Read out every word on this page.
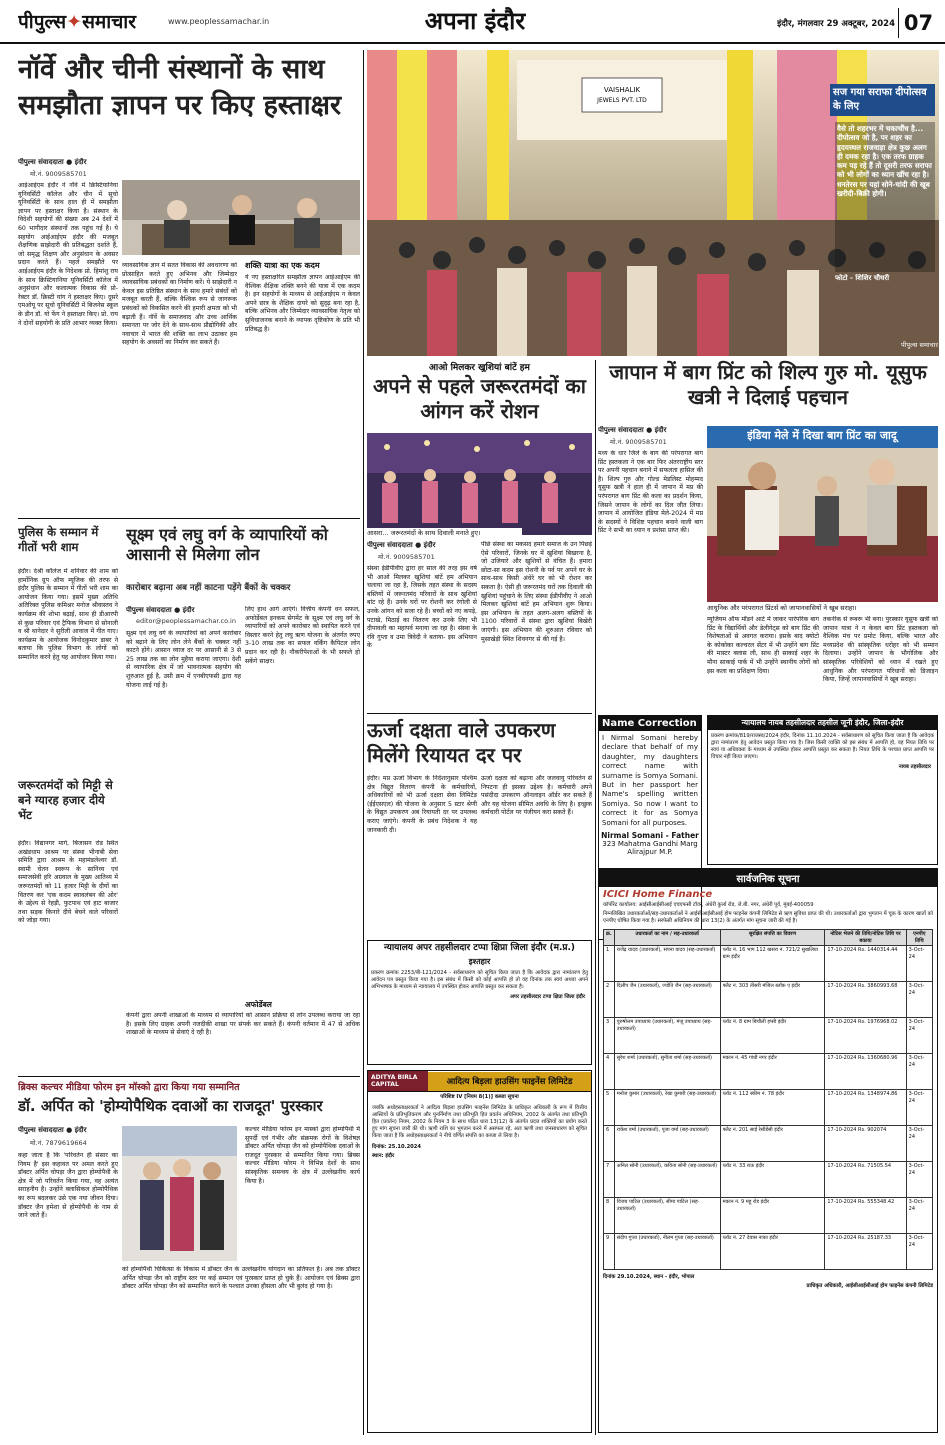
पीपुल्स✦समाचार	www.peoplessamachar.in	अपना इंदौर	इंदौर, मंगलवार 29 अक्टूबर, 2024 07
नॉर्वे और चीनी संस्थानों के साथ समझौता ज्ञापन पर किए हस्ताक्षर
पीपुल्स संवाददाता ● इंदौर
मो.नं. 9009585701
आईआईएम इंदौर ने नॉर्वे में क्रिस्टियानिया यूनिवर्सिटी कॉलेज और चीन में सूचो यूनिवर्सिटी के साथ हाल ही में समझौता ज्ञापन पर हस्ताक्षर किया है। संस्थान के विदेशी सहयोगों की संख्या अब 24 देशों में 60 भागीदार संस्थानों तक पहुंच गई है। ये सहयोग आईआईएम इंदौर की मजबूत शैक्षणिक साझेदारी की प्रतिबद्धता दर्शाते हैं, जो समृद्ध शिक्षण और अनुसंधान के अवसर प्रदान करते हैं। पहले समझौते पर आईआईएम इंदौर के निदेशक प्रो. हिमांशु राय के साथ क्रिस्टियानिया यूनिवर्सिटी कॉलेज में अनुसंधान और कलात्मक विकास की प्रो-रेक्टर डॉ. क्रिस्टी यांग ने हस्ताक्षर किए। दूसरे एमओयू पर सूचो यूनिवर्सिटी में बिजनेस स्कूल के डीन डॉ. यो फेंग ने हस्ताक्षर किए। प्रो. राय ने दोनों सहयोगी के प्रति आभार व्यक्त किया।
व्यावसायिक ज्ञान में सतत विकास की अवधारणा को प्रोत्साहित करते हुए अभिनव और जिम्मेदार व्यावसायिक प्रबंधकों का निर्माण करें। ये साझेदारी न केवल इस प्रतिष्ठित संस्थान के साथ हमारे संबंधों को मजबूत करती हैं, बल्कि वैश्विक रूप से जागरूक प्रबंधकों को विकसित करने की हमारी क्षमता को भी बढ़ाती हैं। नॉर्वे के समाजवाद और उच्च आर्थिक समानता पर जोर देने के साथ-साथ प्रौद्योगिकी और नवाचार में भारत की शक्ति का लाभ उठाकर हम सहयोग के अवसरों का निर्माण कर सकते हैं।
शक्ति यात्रा का एक कदम
ये नए हस्ताक्षरित समझौता ज्ञापन आईआईएम की वैश्विक शैक्षिक शक्ति बनने की यात्रा में एक कदम है। इन सहयोगों के माध्यम से आईआईएम न केवल अपने छात्र के शैक्षिक दायरे को सुदृढ़ बना रहा है, बल्कि अभिनव और जिम्मेदार व्यावसायिक नेतृत्व को सुविधाजनक बनाने के व्यापक दृष्टिकोण के प्रति भी प्रतिबद्ध है।
VAISHALIK
JEWELS PVT. LTD
सज गया सराफा दीपोत्सव के लिए
वैसे तो शहरभर में चकाचौंध है... दीपोत्सव जो है, पर शहर का हृदयस्थल राजवाड़ा क्षेत्र कुछ अलग ही दमक रहा है। एक तरफ ग्राहक कम पड़ रहे हैं तो दूसरी तरफ सराफा को भी लोगों का ध्यान खींच रहा है। धनतेरस पर यहां सोने-चांदी की खूब खरीदी-बिक्री होगी।
फोटो - शिशिर चौधरी
पीपुल्स समाचार
आओ मिलकर खुशियां बांटें हम
अपने से पहले जरूरतमंदों का आंगन करें रोशन
आसरा... जरूरतमंदों के साथ दिवाली मनाते हुए।
पीपुल्स संवाददाता ● इंदौर
मो.नं. 9009585701
संस्था ईडीपीवीए द्वारा हर साल की तरह इस वर्ष भी आओ मिलकर खुशियां बांटें हम अभियान चलाया जा रहा है, जिसके तहत संस्था के सदस्य बस्तियों में जरूरतमंद परिवारों के साथ खुशियां बांट रहे हैं। उनके घरों पर रोशनी कर रंगोली से उनके आंगन को सजा रहे हैं। बच्चों को नए कपड़े, पटाखे, मिठाई का वितरण कर उनके लिए भी दीपावली का महापर्व मनाया जा रहा है। संस्था के रवि गुप्ता व उमा त्रिवेदी ने बताया- इस अभियान के
पीछे संस्था का मकसद हमारे समाज के उन पिछड़े ऐसे परिवारों, जिनके घर में खुशियां बिखरना है, जो उजियारे और खुशियों से वंचित हैं। हमारा छोटा-सा कदम इस रोशनी के पर्व पर अपने घर के साथ-साथ किसी अंधेरे घर को भी रोशन कर सकता है। ऐसी ही जरूरतमंद घरों तक दिवाली की खुशियां पहुंचाने के लिए संस्था ईडीपीवीए ने आओ मिलकर खुशियां बांटें हम अभियान शुरू किया। इस अभियान के तहत अलग-अलग बस्तियों के 1100 परिवारों में संस्था द्वारा खुशियां बिखेरी जाएंगी। इस अभियान की शुरुआत रविवार को मुसाखेड़ी स्थित शिवनगर से की गई है।
जापान में बाग प्रिंट को शिल्प गुरु मो. यूसुफ खत्री ने दिलाई पहचान
पीपुल्स संवाददाता ● इंदौर
मो.नं. 9009585701
मध्य के धार जिले के बाग की परंपरागत बाग प्रिंट हस्तकला ने एक बार फिर अंतरराष्ट्रीय स्तर पर अपनी पहचान बनाने में सफलता हासिल की है। शिल्प गुरु और गोल्ड मेडलिस्ट मोहम्मद यूसुफ खत्री ने हाल ही में जापान में मप्र की परंपरागत बाग प्रिंट की कला का प्रदर्शन किया, जिसने जापान के लोगों का दिल जीत लिया। जापान में आयोजित इंडिया मेले-2024 में मप्र के सदस्यों ने विशिष्ट पहचान बनाने वाली बाग प्रिंट ने सभी का ध्यान व प्रशंसा प्राप्त की।
इंडिया मेले में दिखा बाग प्रिंट का जादू
आधुनिक और परंपरागत प्रिंटर्स को जापानवासियों ने खूब सराहा।
म्यूजियम ऑफ मॉडर्न आर्ट में जाकर पारंपरिक बाग प्रिंट के विद्यार्थियों और डेलीगेट्स को बाग प्रिंट की विशेषताओं से अवगत कराया। इसके बाद क्योटो के कोकोका कल्चरल सेंटर में भी उन्होंने बाग प्रिंट की मास्टर क्लास ली, साथ ही साकाई शहर के मौना साकाई पार्क में भी उन्होंने स्थानीय लोगों को इस कला का प्रशिक्षण दिया।
तकनीक से रूबरू भी बना। पुरस्कार यूसुफ खत्री को जापान यात्रा ने न केवल बाग प्रिंट हस्तकला को वैश्विक मंच पर प्रमोट किया, बल्कि भारत और मध्यप्रदेश की सांस्कृतिक धरोहर को भी सम्मान दिलाया। उन्होंने जापान के भौगोलिक और सांस्कृतिक परिवेशियों को ध्यान में रखते हुए आधुनिक और परंपरागत परिधानों को डिजाइन किया, जिन्हें जापानवासियों ने खूब सराहा।
पुलिस के सम्मान में गीतों भरी शाम
इंदौर। देश्री कॉलेज में शनिवार की शाम को हार्मोनिक ग्रुप ऑफ म्यूजिक की तरफ से इंदौर पुलिस के सम्मान में गीतों भरी शाम का आयोजन किया गया। इसमें मुख्य अतिथि अतिरिक्त पुलिस कमिश्नर मनोज श्रीवास्तव ने कार्यक्रम की शोभा बढ़ाई, साथ ही डीआरपी से कुछ परिवार एवं ट्रैफिक विभाग से सोनाली व श्री थानेदार ने सुरीली आवाज में गीत गाए। कार्यक्रम के आयोजक विनोदकुमार डाबर ने बताया कि पुलिस विभाग के लोगों को सम्मानित करने हेतु यह आयोजन किया गया।
जरूरतमंदों को मिट्टी से बने ग्यारह हजार दीये भेंट
इंदौर। विद्यानगर मार्ग, बिजासन रोड स्थित अखंडधाम आश्रम पर संस्था भीनाबी सेवा समिति द्वारा आश्रम के महामंडलेश्वर डॉ. स्वामी चेतन स्वरूप के सानिध्य एवं समाजसेवी हरि अग्रवाल के मुख्य आतिथ्य में जरूरतमंदों को 11 हजार मिट्टी के दीयों का वितरण कर 'एक कदम स्वावलंबन की ओर' के उद्देश्य से रेहड़ी, फुटपाथ एवं हाट बाजार तथा सड़क किनारे दीये बेचने वाले परिवारों को जोड़ा गया।
सूक्ष्म एवं लघु वर्ग के व्यापारियों को आसानी से मिलेगा लोन
कारोबार बढ़ाना अब नहीं काटना पड़ेंगे बैंकों के चक्कर
पीपुल्स संवाददाता ● इंदौर
editor@peoplessamachar.co.in
सूक्ष्म एवं लघु वर्ग के व्यापारियों को अपने कारोबार को बढ़ाने के लिए लोन लेने बैंकों के चक्कर नहीं काटने होंगे। आसान व्याज दर पर आसानी से 3 से 25 लाख तक का लोन मुहैया कराया जाएगा। देशी से व्यापारिक क्षेत्र में जो भावनात्मक सहयोग की शुरुआत हुई है, उसी क्रम में एनबीएफसी द्वारा यह योजना लाई गई है।
लिए हाथ आगे आएंगे। वित्तीय कंपनी धन सफल, अफोर्डेबल इनकम सेगमेंट के सूक्ष्म एवं लघु वर्ग के व्यापारियों को अपने कारोबार को स्थापित करने एवं विस्तार करने हेतु लघु ऋण योजना के अंतर्गत रुपए 3-10 लाख तक का सफल वर्किंग कैपिटल लोन प्रदान कर रही है। नौकरीपेशाओं के भी सफले हो सकेंगे साक्षर।
अफोर्डेबल
कंपनी द्वारा अपनी शाखाओं के माध्यम से व्यापारियों को आसान प्रक्रिया से लोन उपलब्ध कराया जा रहा है। इसके लिए ग्राहक अपनी नजदीकी शाखा पर संपर्क कर सकते हैं। कंपनी वर्तमान में 47 से अधिक शाखाओं के माध्यम से सेवाएं दे रही है।
ऊर्जा दक्षता वाले उपकरण मिलेंगे रियायत दर पर
इंदौर। मप्र ऊर्जा विभाग के निर्देशानुसार पश्चिम क्षेत्र विद्युत वितरण कंपनी के कर्मचारियों, अधिकारियों को भी ऊर्जा दक्षता सेवा लिमिटेड (ईईएसएल) की योजना के अनुसार 5 स्टार श्रेणी के विद्युत उपकरण अब रियायती दर पर उपलब्ध कराए जाएंगे। कंपनी के प्रबंध निदेशक ने यह जानकारी दी।
ऊर्जा दक्षता को बढ़ाना और जलवायु परिवर्तन से निपटना ही इसका उद्देश्य है। कर्मचारी अपने पसंदीदा उपकरण ऑनलाइन ऑर्डर कर सकते हैं और यह योजना सीमित अवधि के लिए है। इच्छुक कर्मचारी पोर्टल पर पंजीयन करा सकते हैं।
Name Correction
I Nirmal Somani hereby declare that behalf of my daughter, my daughters correct name with surname is Somya Somani. But in her passport her Name's spelling written Somiya. So now I want to correct it for as Somya Somani for all purposes.
Nirmal Somani - Father
323 Mahatma Gandhi Marg Alirajpur M.P.
न्यायालय नायब तहसीलदार तहसील जूनी इंदौर, जिला-इंदौर
प्रकरण क्रमांक/819/राजस्व/2024 इंदौर, दिनांक 11.10.2024 - सर्वसाधारण को सूचित किया जाता है कि आवेदक द्वारा नामांतरण हेतु आवेदन प्रस्तुत किया गया है। जिस किसी व्यक्ति को इस संबंध में आपत्ति हो, वह नियत तिथि पर स्वयं या अधिवक्ता के माध्यम से उपस्थित होकर आपत्ति प्रस्तुत कर सकता है। नियत तिथि के पश्चात प्राप्त आपत्ति पर विचार नहीं किया जाएगा।
नायब तहसीलदार
न्यायालय अपर तहसीलदार टप्पा क्षिप्रा जिला इंदौर (म.प्र.)
इश्तहार
प्रकरण क्रमांक 2253/बी-121/2024 - सर्वसाधारण को सूचित किया जाता है कि आवेदक द्वारा नामांतरण हेतु आवेदन पत्र प्रस्तुत किया गया है। इस संबंध में किसी को कोई आपत्ति हो तो वह दिनांक तक स्वयं अथवा अपने अभिभाषक के माध्यम से न्यायालय में उपस्थित होकर आपत्ति प्रस्तुत कर सकता है।
अपर तहसीलदार टप्पा क्षिप्रा जिला इंदौर
सार्वजनिक सूचना
ICICI Home Finance
कॉर्पोरेट कार्यालय: आईसीआईसीआई एचएफसी टॉवर, अंधेरी कुर्ला रोड, जे.बी. नगर, अंधेरी पूर्व, मुंबई-400059
निम्नलिखित उधारकर्ताओं/सह-उधारकर्ताओं ने आईसीआईसीआई होम फाइनेंस कंपनी लिमिटेड से ऋण सुविधा प्राप्त की थी। उधारकर्ताओं द्वारा भुगतान में चूक के कारण खातों को एनपीए घोषित किया गया है। सरफेसी अधिनियम की धारा 13(2) के अंतर्गत मांग सूचना जारी की गई है।
क्र.	उधारकर्ता का नाम / सह-उधारकर्ता	सुरक्षित संपत्ति का विवरण	नोटिस भेजने की तिथि/नोटिस तिथि पर बकाया	एनपीए तिथि
1	राजेंद्र यादव (उधारकर्ता), सपना यादव (सह-उधारकर्ता)	प्लॉट नं. 16 भाग 112 खसरा नं. 721/2 सुखलिया ग्राम इंदौर	17-10-2024 Rs. 1440314.44	3-Oct-24
2	दिलीप जैन (उधारकर्ता), ज्योति जैन (सह-उधारकर्ता)	फ्लैट नं. 303 तीसरी मंजिल ब्लॉक ए इंदौर	17-10-2024 Rs. 3860993.68	3-Oct-24
3	पुरुषोत्तम उपाध्याय (उधारकर्ता), मंजू उपाध्याय (सह-उधारकर्ता)	प्लॉट नं. 8 ग्राम बिचौली हप्सी इंदौर	17-10-2024 Rs. 1976968.02	3-Oct-24
4	सुरेश शर्मा (उधारकर्ता), सुनीता शर्मा (सह-उधारकर्ता)	मकान नं. 45 गांधी नगर इंदौर	17-10-2024 Rs. 1360680.96	3-Oct-24
5	मनोज कुमार (उधारकर्ता), रेखा कुमारी (सह-उधारकर्ता)	प्लॉट नं. 112 स्कीम नं. 78 इंदौर	17-10-2024 Rs. 1348974.86	3-Oct-24
6	राकेश वर्मा (उधारकर्ता), पूजा वर्मा (सह-उधारकर्ता)	फ्लैट नं. 201 साईं रेसीडेंसी इंदौर	17-10-2024 Rs. 902074	3-Oct-24
7	अनिल सोनी (उधारकर्ता), कविता सोनी (सह-उधारकर्ता)	प्लॉट नं. 33 राऊ इंदौर	17-10-2024 Rs. 71505.54	3-Oct-24
8	विजय पाटिल (उधारकर्ता), सीमा पाटिल (सह-उधारकर्ता)	मकान नं. 9 महू रोड इंदौर	17-10-2024 Rs. 555348.42	3-Oct-24
9	संदीप गुप्ता (उधारकर्ता), नीलम गुप्ता (सह-उधारकर्ता)	प्लॉट नं. 27 देवास नाका इंदौर	17-10-2024 Rs. 25187.33	3-Oct-24
दिनांक 29.10.2024, स्थान - इंदौर, भोपाल
प्राधिकृत अधिकारी, आईसीआईसीआई होम फाइनेंस कंपनी लिमिटेड
ADITYA BIRLA CAPITAL	आदित्य बिड़ला हाउसिंग फाइनेंस लिमिटेड
परिशिष्ट IV [नियम 8(1)] कब्जा सूचना
जबकि अधोहस्ताक्षरकर्ता ने आदित्य बिड़ला हाउसिंग फाइनेंस लिमिटेड के प्राधिकृत अधिकारी के रूप में वित्तीय आस्तियों के प्रतिभूतिकरण और पुनर्निर्माण तथा प्रतिभूति हित प्रवर्तन अधिनियम, 2002 के अंतर्गत तथा प्रतिभूति हित (प्रवर्तन) नियम, 2002 के नियम 3 के साथ पठित धारा 13(12) के अंतर्गत प्रदत्त शक्तियों का प्रयोग करते हुए मांग सूचना जारी की थी। ऋणी राशि का भुगतान करने में असफल रहे, अतः ऋणी तथा जनसाधारण को सूचित किया जाता है कि अधोहस्ताक्षरकर्ता ने नीचे वर्णित संपत्ति का कब्जा ले लिया है।
दिनांक: 25.10.2024
स्थान: इंदौर
ब्रिक्स कल्चर मीडिया फोरम इन मॉस्को द्वारा किया गया सम्मानित
डॉ. अर्पित को 'होम्योपैथिक दवाओं का राजदूत' पुरस्कार
पीपुल्स संवाददाता ● इंदौर
मो.नं. 7879619664
कहा जाता है कि 'परिवर्तन ही संसार का नियम है' इस कहावत पर अमल करते हुए डॉक्टर अर्पित चोपड़ा जैन द्वारा होम्योपैथी के क्षेत्र में जो परिवर्तन किया गया, वह अत्यंत सराहनीय है। उन्होंने क्लासिकल होम्योपैथिक का रूप बदलकर उसे एक नया जीवन दिया। डॉक्टर जैन हमेशा से होम्योपैथी के नाम से जाने जाते हैं।
कल्चर मीडिया फोरम इन मास्को द्वारा होम्योपैथी में सुपर्दी एवं गंभीर और संक्रमक रोगों के विशेषज्ञ डॉक्टर अर्पित चोपड़ा जैन को होम्योपैथिक दवाओं के राजदूत पुरस्कार से सम्मानित किया गया। ब्रिक्स कल्चर मीडिया फोरम ने विभिन्न देशों के साथ सांस्कृतिक समन्वय के क्षेत्र में उल्लेखनीय कार्य किया है।
को होम्योपैथी चिकित्सा के विकास में डॉक्टर जैन के उल्लेखनीय योगदान का प्रतिफल है। अब तक डॉक्टर अर्पित चोपड़ा जैन को राष्ट्रीय स्तर पर कई सम्मान एवं पुरस्कार प्राप्त हो चुके हैं। आयोजन एवं ब्रिक्स द्वारा डॉक्टर अर्पित चोपड़ा जैन को सम्मानित करने के पश्चात उनका हौसला और भी बुलंद हो गया है।
